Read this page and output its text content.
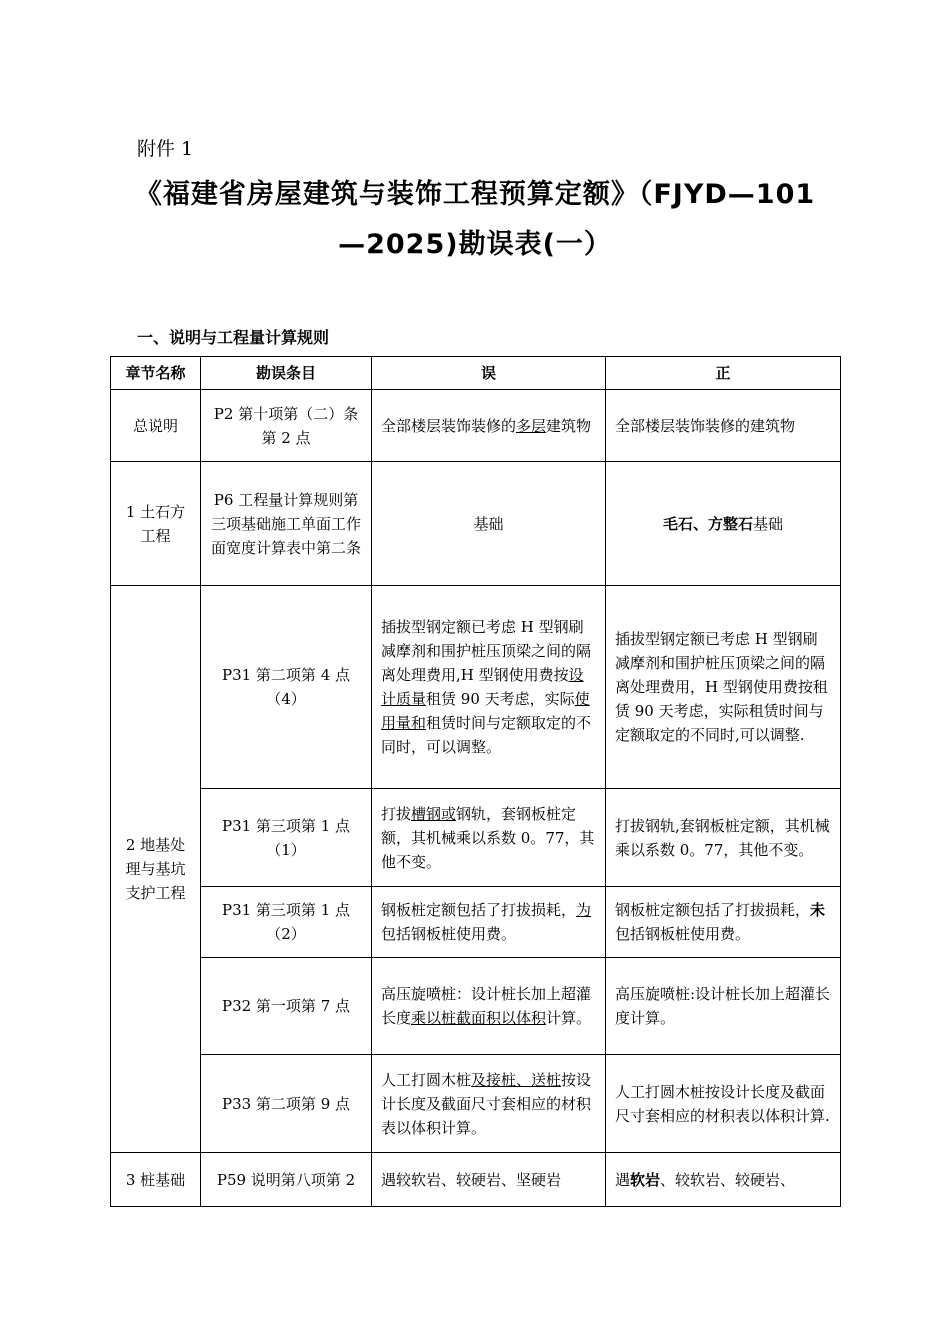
附件 1
《福建省房屋建筑与装饰工程预算定额》（FJYD—101
—2025)勘误表(一）
一、说明与工程量计算规则
章节名称	勘误条目	误	正
总说明	P2 第十项第（二）条第 2 点	全部楼层装饰装修的多层建筑物	全部楼层装饰装修的建筑物
1 土石方工程	P6 工程量计算规则第三项基础施工单面工作面宽度计算表中第二条	基础	毛石、方整石基础
2 地基处理与基坑支护工程	P31 第二项第 4 点（4）	插拔型钢定额已考虑 H 型钢刷减摩剂和围护桩压顶梁之间的隔离处理费用,H 型钢使用费按设计质量租赁 90 天考虑，实际使用量和租赁时间与定额取定的不同时，可以调整。	插拔型钢定额已考虑 H 型钢刷减摩剂和围护桩压顶梁之间的隔离处理费用，H 型钢使用费按租赁 90 天考虑，实际租赁时间与定额取定的不同时,可以调整.
	P31 第三项第 1 点（1）	打拔槽钢或钢轨，套钢板桩定额，其机械乘以系数 0。77，其他不变。	打拔钢轨,套钢板桩定额，其机械乘以系数 0。77，其他不变。
	P31 第三项第 1 点（2）	钢板桩定额包括了打拔损耗，为包括钢板桩使用费。	钢板桩定额包括了打拔损耗，未包括钢板桩使用费。
	P32 第一项第 7 点	高压旋喷桩：设计桩长加上超灌长度乘以桩截面积以体积计算。	高压旋喷桩:设计桩长加上超灌长度计算。
	P33 第二项第 9 点	人工打圆木桩及接桩、送桩按设计长度及截面尺寸套相应的材积表以体积计算。	人工打圆木桩按设计长度及截面尺寸套相应的材积表以体积计算.
3 桩基础	P59 说明第八项第 2	遇较软岩、较硬岩、坚硬岩	遇软岩、较软岩、较硬岩、
